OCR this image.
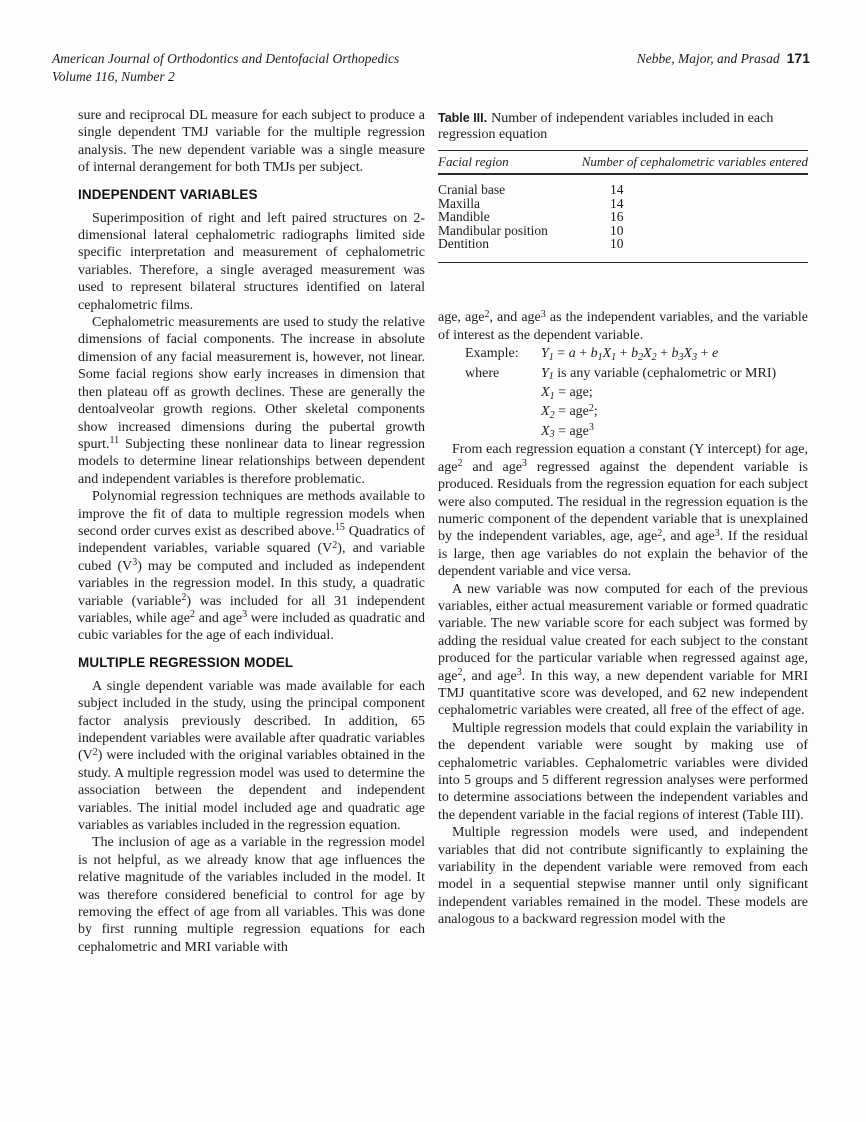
American Journal of Orthodontics and Dentofacial Orthopedics
Volume 116, Number 2
Nebbe, Major, and Prasad 171

sure and reciprocal DL measure for each subject to produce a single dependent TMJ variable for the multiple regression analysis. The new dependent variable was a single measure of internal derangement for both TMJs per subject.

INDEPENDENT VARIABLES

Superimposition of right and left paired structures on 2-dimensional lateral cephalometric radiographs limited side specific interpretation and measurement of cephalometric variables. Therefore, a single averaged measurement was used to represent bilateral structures identified on lateral cephalometric films.

Cephalometric measurements are used to study the relative dimensions of facial components. The increase in absolute dimension of any facial measurement is, however, not linear. Some facial regions show early increases in dimension that then plateau off as growth declines. These are generally the dentoalveolar growth regions. Other skeletal components show increased dimensions during the pubertal growth spurt.$^{11}$ Subjecting these nonlinear data to linear regression models to determine linear relationships between dependent and independent variables is therefore problematic.

Polynomial regression techniques are methods available to improve the fit of data to multiple regression models when second order curves exist as described above.$^{15}$ Quadratics of independent variables, variable squared $(V^2)$, and variable cubed $(V^3)$ may be computed and included as independent variables in the regression model. In this study, a quadratic variable (variable$^2$) was included for all 31 independent variables, while age$^2$ and age$^3$ were included as quadratic and cubic variables for the age of each individual.

MULTIPLE REGRESSION MODEL

A single dependent variable was made available for each subject included in the study, using the principal component factor analysis previously described. In addition, 65 independent variables were available after quadratic variables $(V^2)$ were included with the original variables obtained in the study. A multiple regression model was used to determine the association between the dependent and independent variables. The initial model included age and quadratic age variables as variables included in the regression equation.

The inclusion of age as a variable in the regression model is not helpful, as we already know that age influences the relative magnitude of the variables included in the model. It was therefore considered beneficial to control for age by removing the effect of age from all variables. This was done by first running multiple regression equations for each cephalometric and MRI variable with

Table III. Number of independent variables included in each regression equation
Facial region	Number of cephalometric variables entered
Cranial base	14
Maxilla	14
Mandible	16
Mandibular position	10
Dentition	10

age, age$^2$, and age$^3$ as the independent variables, and the variable of interest as the dependent variable.

Example:	$Y_1 = a + b_1X_1 + b_2X_2 + b_3X_3 + e$
where	$Y_1$ is any variable (cephalometric or MRI)
$X_1$ = age;
$X_2 = age^2$;
$X_3 = age^3$

From each regression equation a constant (Y intercept) for age, age$^2$ and age$^3$ regressed against the dependent variable is produced. Residuals from the regression equation for each subject were also computed. The residual in the regression equation is the numeric component of the dependent variable that is unexplained by the independent variables, age, age$^2$, and age$^3$. If the residual is large, then age variables do not explain the behavior of the dependent variable and vice versa.

A new variable was now computed for each of the previous variables, either actual measurement variable or formed quadratic variable. The new variable score for each subject was formed by adding the residual value created for each subject to the constant produced for the particular variable when regressed against age, age$^2$, and age$^3$. In this way, a new dependent variable for MRI TMJ quantitative score was developed, and 62 new independent cephalometric variables were created, all free of the effect of age.

Multiple regression models that could explain the variability in the dependent variable were sought by making use of cephalometric variables. Cephalometric variables were divided into 5 groups and 5 different regression analyses were performed to determine associations between the independent variables and the dependent variable in the facial regions of interest (Table III).

Multiple regression models were used, and independent variables that did not contribute significantly to explaining the variability in the dependent variable were removed from each model in a sequential stepwise manner until only significant independent variables remained in the model. These models are analogous to a backward regression model with the
